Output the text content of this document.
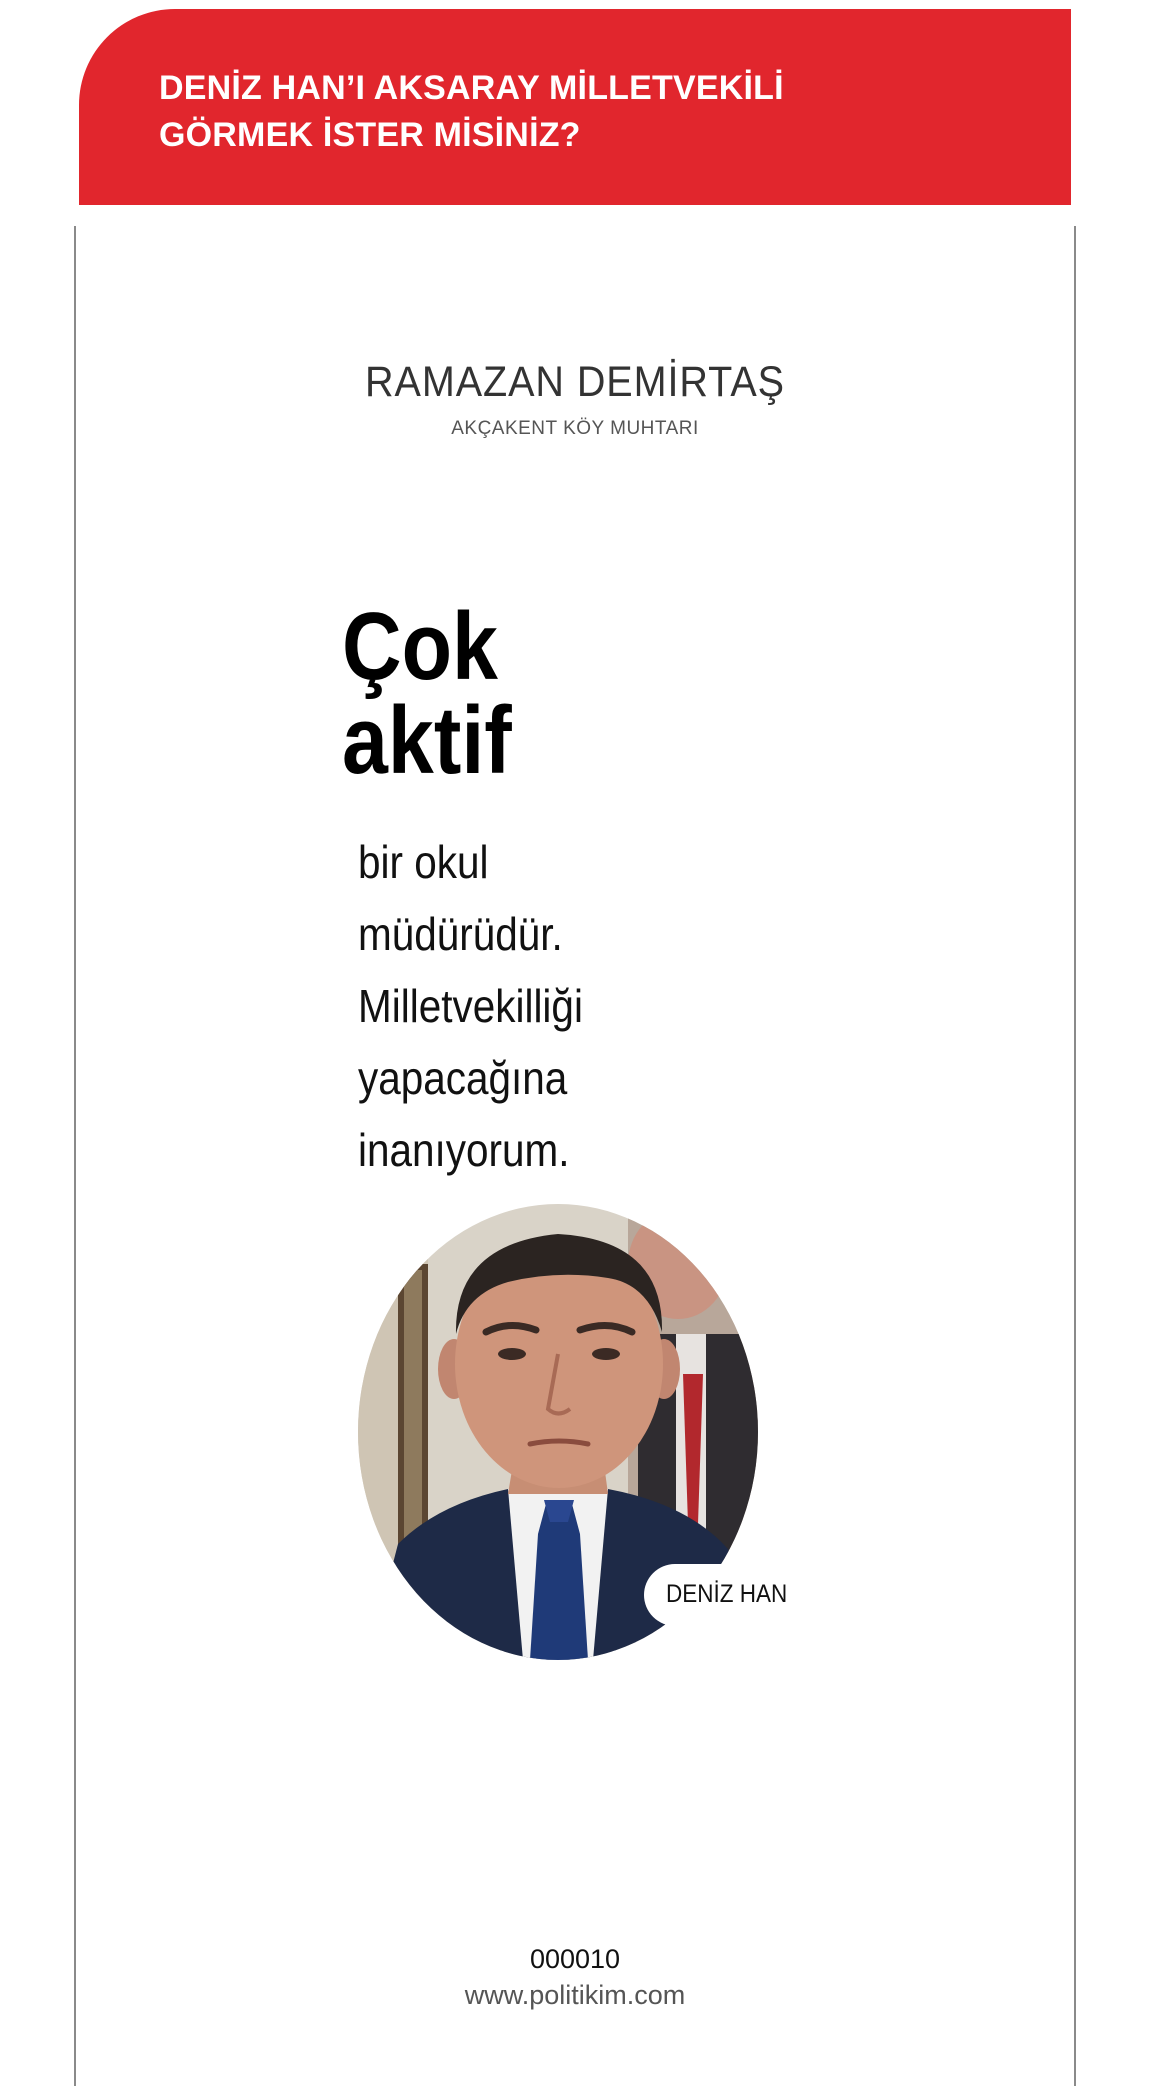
DENİZ HAN’I AKSARAY MİLLETVEKİLİ
GÖRMEK İSTER MİSİNİZ?
RAMAZAN DEMİRTAŞ
AKÇAKENT KÖY MUHTARI
Çok
aktif
bir okul
müdürüdür.
Milletvekilliği
yapacağına
inanıyorum.
DENİZ HAN
000010
www.politikim.com
